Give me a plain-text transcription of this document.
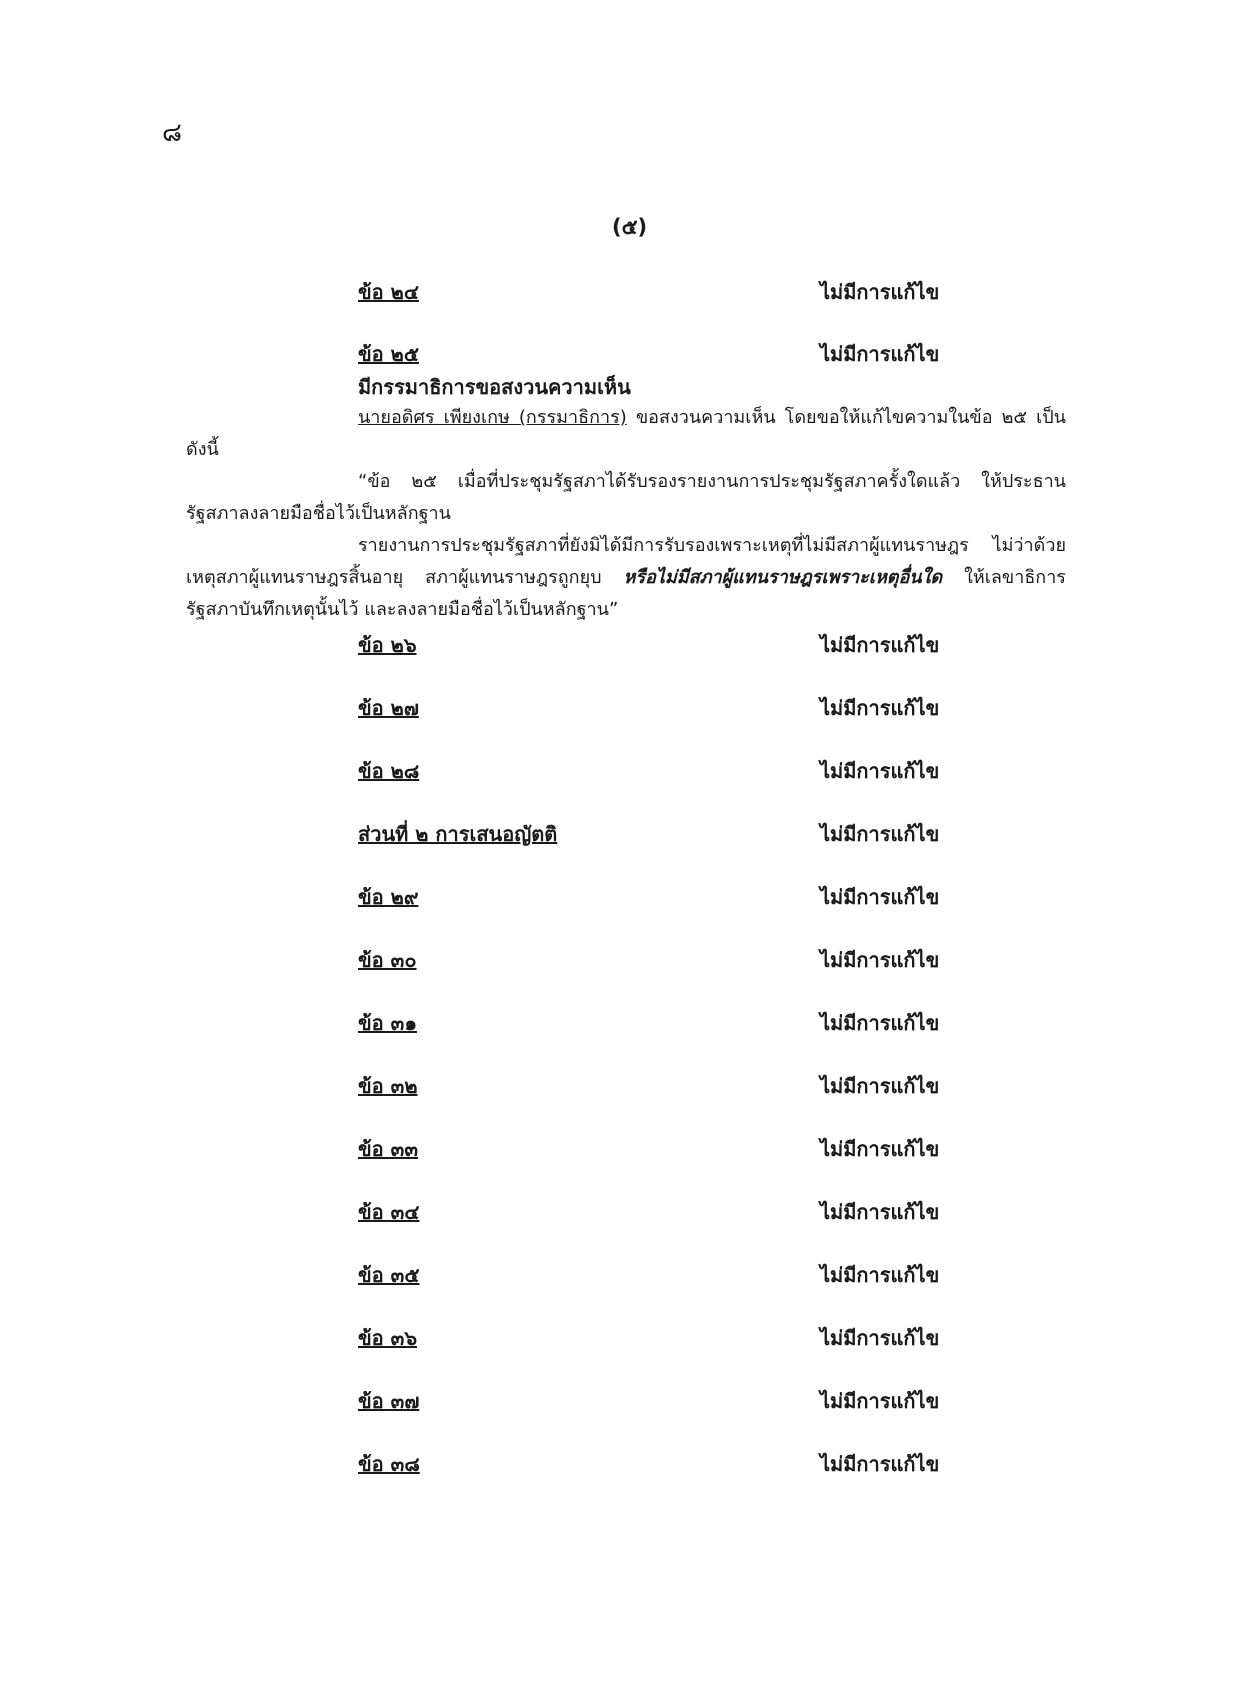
๘
(๕)
ข้อ ๒๔	ไม่มีการแก้ไข
ข้อ ๒๕	ไม่มีการแก้ไข
มีกรรมาธิการขอสงวนความเห็น

นายอดิศร เพียงเกษ (กรรมาธิการ) ขอสงวนความเห็น โดยขอให้แก้ไขความในข้อ ๒๕ เป็นดังนี้

“ข้อ ๒๕ เมื่อที่ประชุมรัฐสภาได้รับรองรายงานการประชุมรัฐสภาครั้งใดแล้ว ให้ประธานรัฐสภาลงลายมือชื่อไว้เป็นหลักฐาน

รายงานการประชุมรัฐสภาที่ยังมิได้มีการรับรองเพราะเหตุที่ไม่มีสภาผู้แทนราษฎร ไม่ว่าด้วยเหตุสภาผู้แทนราษฎรสิ้นอายุ สภาผู้แทนราษฎรถูกยุบ หรือไม่มีสภาผู้แทนราษฎรเพราะเหตุอื่นใด ให้เลขาธิการรัฐสภาบันทึกเหตุนั้นไว้ และลงลายมือชื่อไว้เป็นหลักฐาน”

ข้อ ๒๖	ไม่มีการแก้ไข
ข้อ ๒๗	ไม่มีการแก้ไข
ข้อ ๒๘	ไม่มีการแก้ไข
ส่วนที่ ๒ การเสนอญัตติ	ไม่มีการแก้ไข
ข้อ ๒๙	ไม่มีการแก้ไข
ข้อ ๓๐	ไม่มีการแก้ไข
ข้อ ๓๑	ไม่มีการแก้ไข
ข้อ ๓๒	ไม่มีการแก้ไข
ข้อ ๓๓	ไม่มีการแก้ไข
ข้อ ๓๔	ไม่มีการแก้ไข
ข้อ ๓๕	ไม่มีการแก้ไข
ข้อ ๓๖	ไม่มีการแก้ไข
ข้อ ๓๗	ไม่มีการแก้ไข
ข้อ ๓๘	ไม่มีการแก้ไข
